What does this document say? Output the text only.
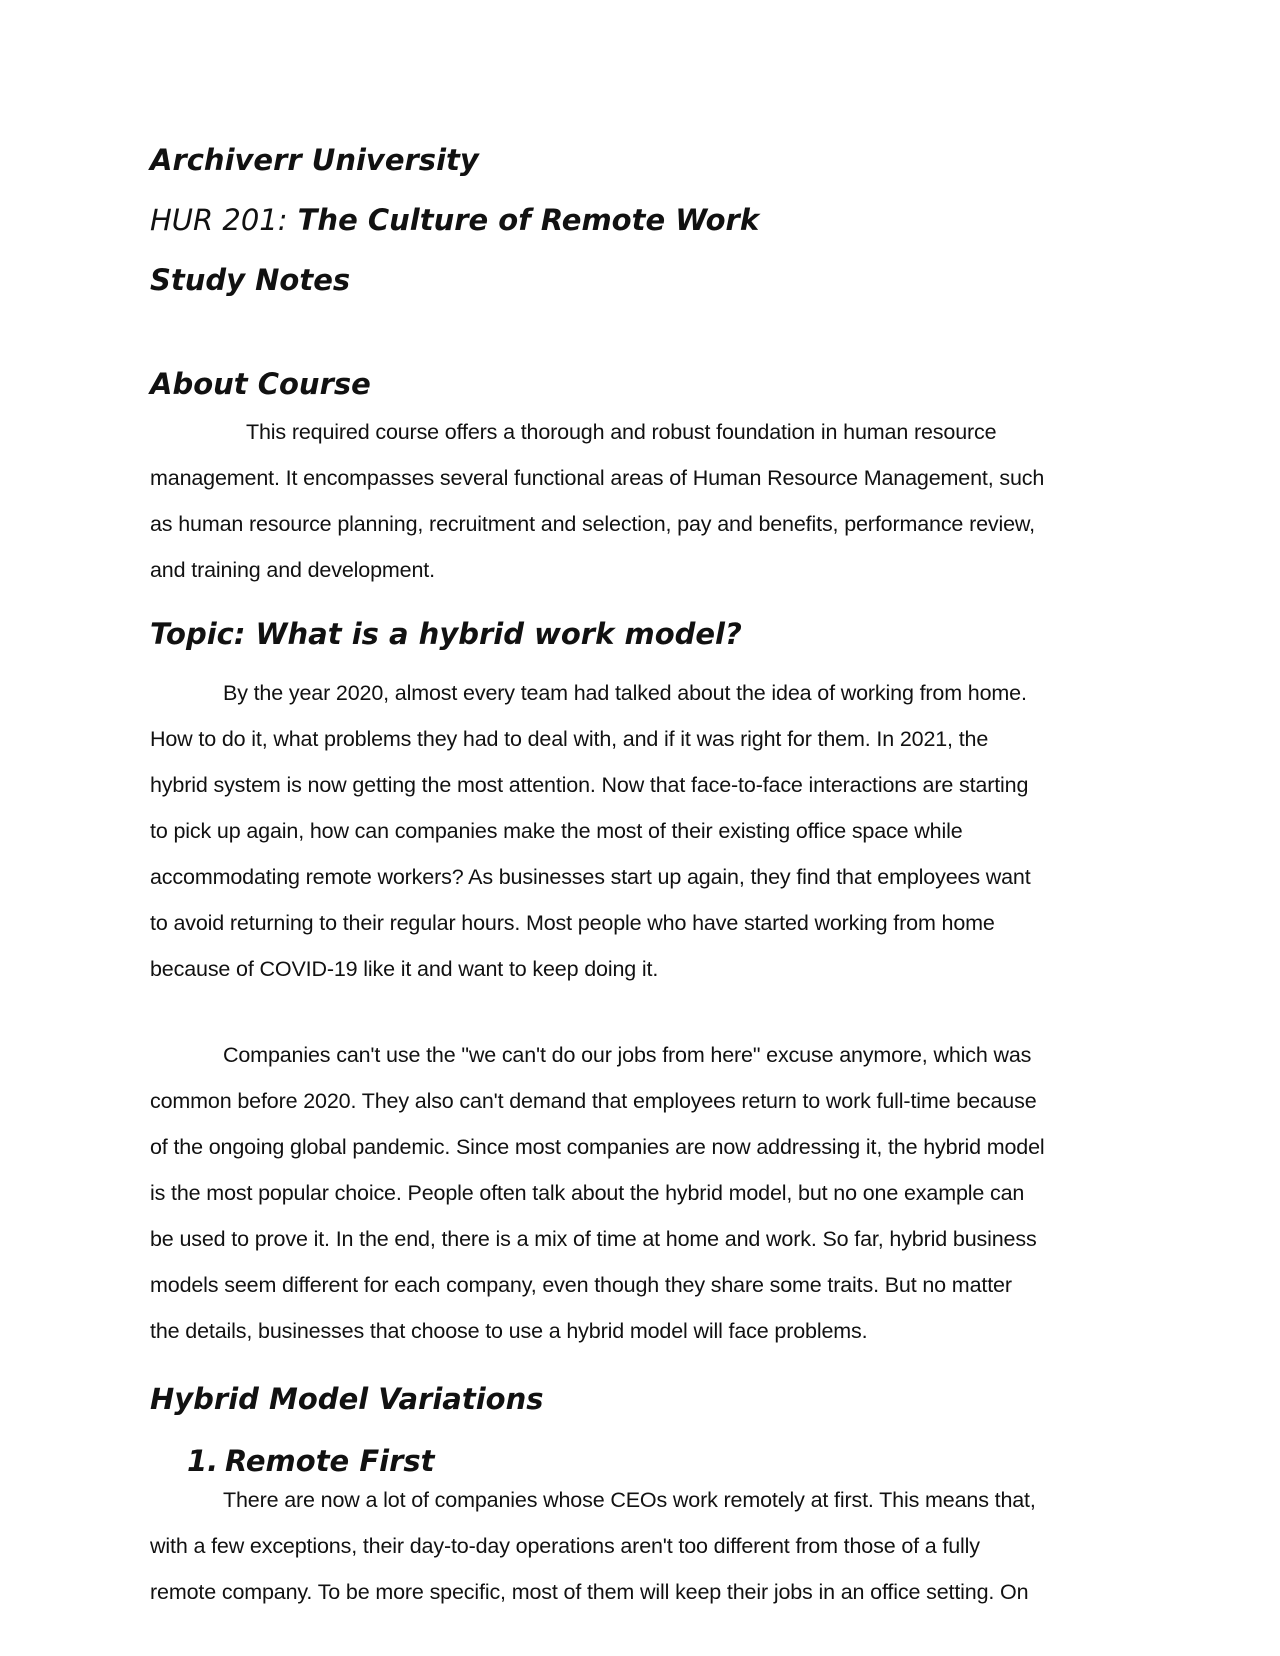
Archiverr University
HUR 201: The Culture of Remote Work
Study Notes
About Course
This required course offers a thorough and robust foundation in human resource
management. It encompasses several functional areas of Human Resource Management, such
as human resource planning, recruitment and selection, pay and benefits, performance review,
and training and development.
Topic: What is a hybrid work model?
By the year 2020, almost every team had talked about the idea of working from home.
How to do it, what problems they had to deal with, and if it was right for them. In 2021, the
hybrid system is now getting the most attention. Now that face-to-face interactions are starting
to pick up again, how can companies make the most of their existing office space while
accommodating remote workers? As businesses start up again, they find that employees want
to avoid returning to their regular hours. Most people who have started working from home
because of COVID-19 like it and want to keep doing it.
Companies can't use the "we can't do our jobs from here" excuse anymore, which was
common before 2020. They also can't demand that employees return to work full-time because
of the ongoing global pandemic. Since most companies are now addressing it, the hybrid model
is the most popular choice. People often talk about the hybrid model, but no one example can
be used to prove it. In the end, there is a mix of time at home and work. So far, hybrid business
models seem different for each company, even though they share some traits. But no matter
the details, businesses that choose to use a hybrid model will face problems.
Hybrid Model Variations
1. Remote First
There are now a lot of companies whose CEOs work remotely at first. This means that,
with a few exceptions, their day-to-day operations aren't too different from those of a fully
remote company. To be more specific, most of them will keep their jobs in an office setting. On
